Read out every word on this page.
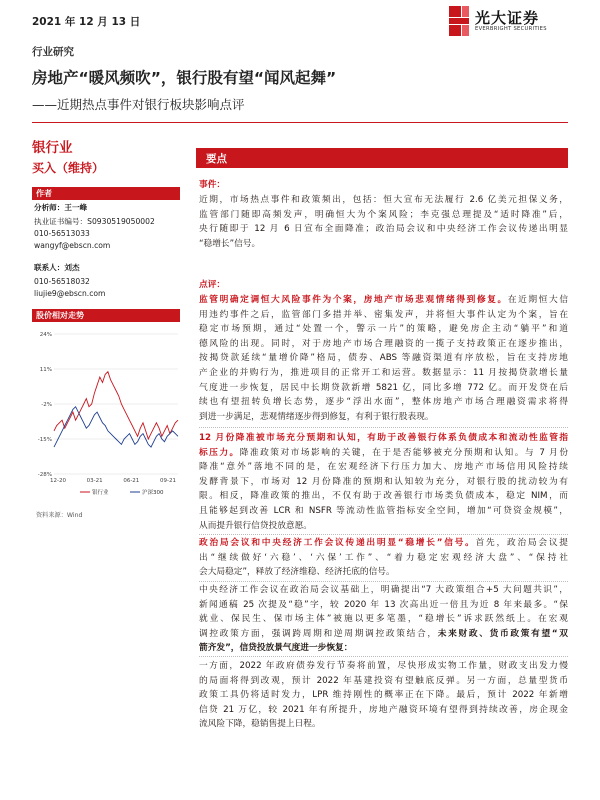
2021 年 12 月 13 日	光大证券
EVERBRIGHT SECURITIES
行业研究
房地产“暖风频吹”，银行股有望“闻风起舞”
——近期热点事件对银行板块影响点评
银行业
买入（维持）
作者
分析师：王一峰
执业证书编号：S0930519050002
010-56513033
wangyf@ebscn.com
联系人：刘杰
010-56518032
liujie9@ebscn.com
股价相对走势
24%
11%
-2%
-15%
-28%
12-20	03-21	06-21	09-21
银行业	沪深300
资料来源：Wind
要点
事件：
近期，市场热点事件和政策频出，包括：恒大宣布无法履行 2.6 亿美元担保义务，
监管部门随即高频发声，明确恒大为个案风险；李克强总理提及“适时降准”后，
央行随即于 12 月 6 日宣布全面降准；政治局会议和中央经济工作会议传递出明显
“稳增长”信号。
点评：
监管明确定调恒大风险事件为个案，房地产市场悲观情绪得到修复。在近期恒大信
用违约事件之后，监管部门多措并举、密集发声，并将恒大事件认定为个案，旨在
稳定市场预期，通过“处置一个，警示一片”的策略，避免房企主动“躺平”和道
德风险的出现。同时，对于房地产市场合理融资的一揽子支持政策正在逐步推出，
按揭贷款延续“量增价降”格局，债券、ABS 等融资渠道有序放松，旨在支持房地
产企业的并购行为，推进项目的正常开工和运营。数据显示：11 月按揭贷款增长量
气度进一步恢复，居民中长期贷款新增 5821 亿，同比多增 772 亿。而开发贷在后
续也有望扭转负增长态势，逐步“浮出水面”，整体房地产市场合理融资需求将得
到进一步满足，悲观情绪逐步得到修复，有利于银行股表现。
12 月份降准被市场充分预期和认知，有助于改善银行体系负债成本和流动性监管指
标压力。降准政策对市场影响的关键，在于是否能够被充分预期和认知。与 7 月份
降准“意外”落地不同的是，在宏观经济下行压力加大、房地产市场信用风险持续
发酵背景下，市场对 12 月份降准的预期和认知较为充分，对银行股的扰动较为有
限。相反，降准政策的推出，不仅有助于改善银行市场类负债成本，稳定 NIM，而
且能够起到改善 LCR 和 NSFR 等流动性监管指标安全空间，增加“可贷资金规模”，
从而提升银行信贷投放意愿。
政治局会议和中央经济工作会议传递出明显“稳增长”信号。首先，政治局会议提
出“继续做好‘六稳’、‘六保’工作”、“着力稳定宏观经济大盘”、“保持社
会大局稳定”，释放了经济维稳、经济托底的信号。
中央经济工作会议在政治局会议基础上，明确提出“7 大政策组合+5 大问题共识”，
新闻通稿 25 次提及“稳”字，较 2020 年 13 次高出近一倍且为近 8 年来最多。“保
就业、保民生、保市场主体”被施以更多笔墨，“稳增长”诉求跃然纸上。在宏观
调控政策方面，强调跨周期和逆周期调控政策结合，未来财政、货币政策有望“双
箭齐发”，信贷投放景气度进一步恢复：
一方面，2022 年政府债券发行节奏将前置，尽快形成实物工作量，财政支出发力慢
的局面将得到改观，预计 2022 年基建投资有望触底反弹。另一方面，总量型货币
政策工具仍将适时发力，LPR 维持刚性的概率正在下降。最后，预计 2022 年新增
信贷 21 万亿，较 2021 年有所提升，房地产融资环境有望得到持续改善，房企现金
流风险下降，稳销售提上日程。
